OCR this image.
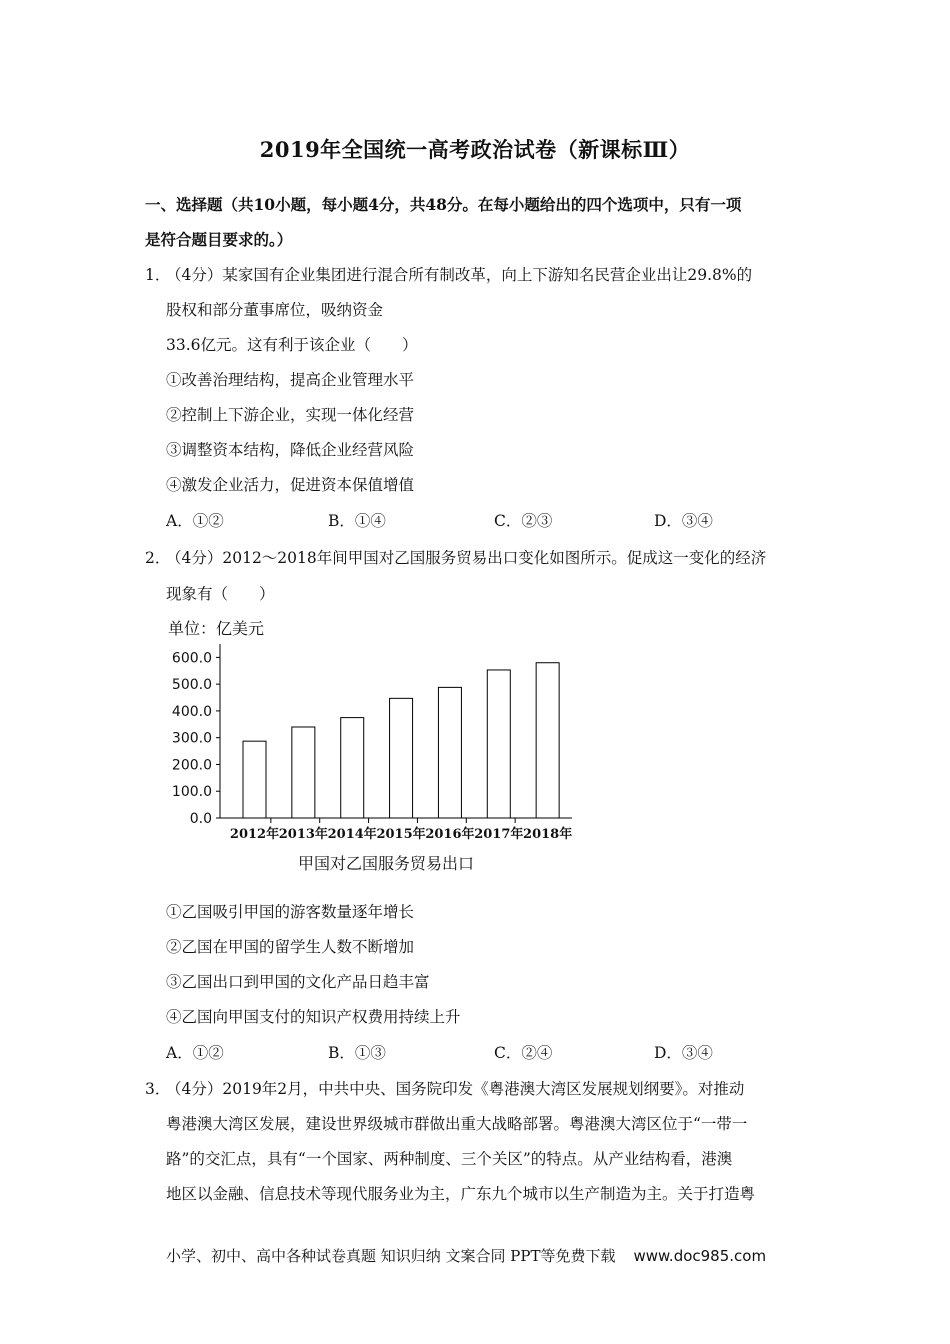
2019年全国统一高考政治试卷（新课标Ⅲ）
一、选择题（共10小题，每小题4分，共48分。在每小题给出的四个选项中，只有一项
是符合题目要求的。）
1．
（4分）某家国有企业集团进行混合所有制改革，向上下游知名民营企业出让29.8%的
股权和部分董事席位，吸纳资金
33.6亿元。这有利于该企业（　　）
①改善治理结构，提高企业管理水平
②控制上下游企业，实现一体化经营
③调整资本结构，降低企业经营风险
④激发企业活力，促进资本保值增值
A．①②	B．①④	C．②③	D．③④
2．
（4分）2012～2018年间甲国对乙国服务贸易出口变化如图所示。促成这一变化的经济
现象有（　　）
单位：亿美元
0.0
100.0
200.0
300.0
400.0
500.0
600.0
2012年 2013年 2014年 2015年 2016年 2017年 2018年
甲国对乙国服务贸易出口
①乙国吸引甲国的游客数量逐年增长
②乙国在甲国的留学生人数不断增加
③乙国出口到甲国的文化产品日趋丰富
④乙国向甲国支付的知识产权费用持续上升
A．①②	B．①③	C．②④	D．③④
3．
（4分）2019年2月，中共中央、国务院印发《粤港澳大湾区发展规划纲要》。对推动
粤港澳大湾区发展，建设世界级城市群做出重大战略部署。粤港澳大湾区位于“一带一
路”的交汇点，具有“一个国家、两种制度、三个关区”的特点。从产业结构看，港澳
地区以金融、信息技术等现代服务业为主，广东九个城市以生产制造为主。关于打造粤
小学、初中、高中各种试卷真题 知识归纳 文案合同 PPT等免费下载 www.doc985.com
